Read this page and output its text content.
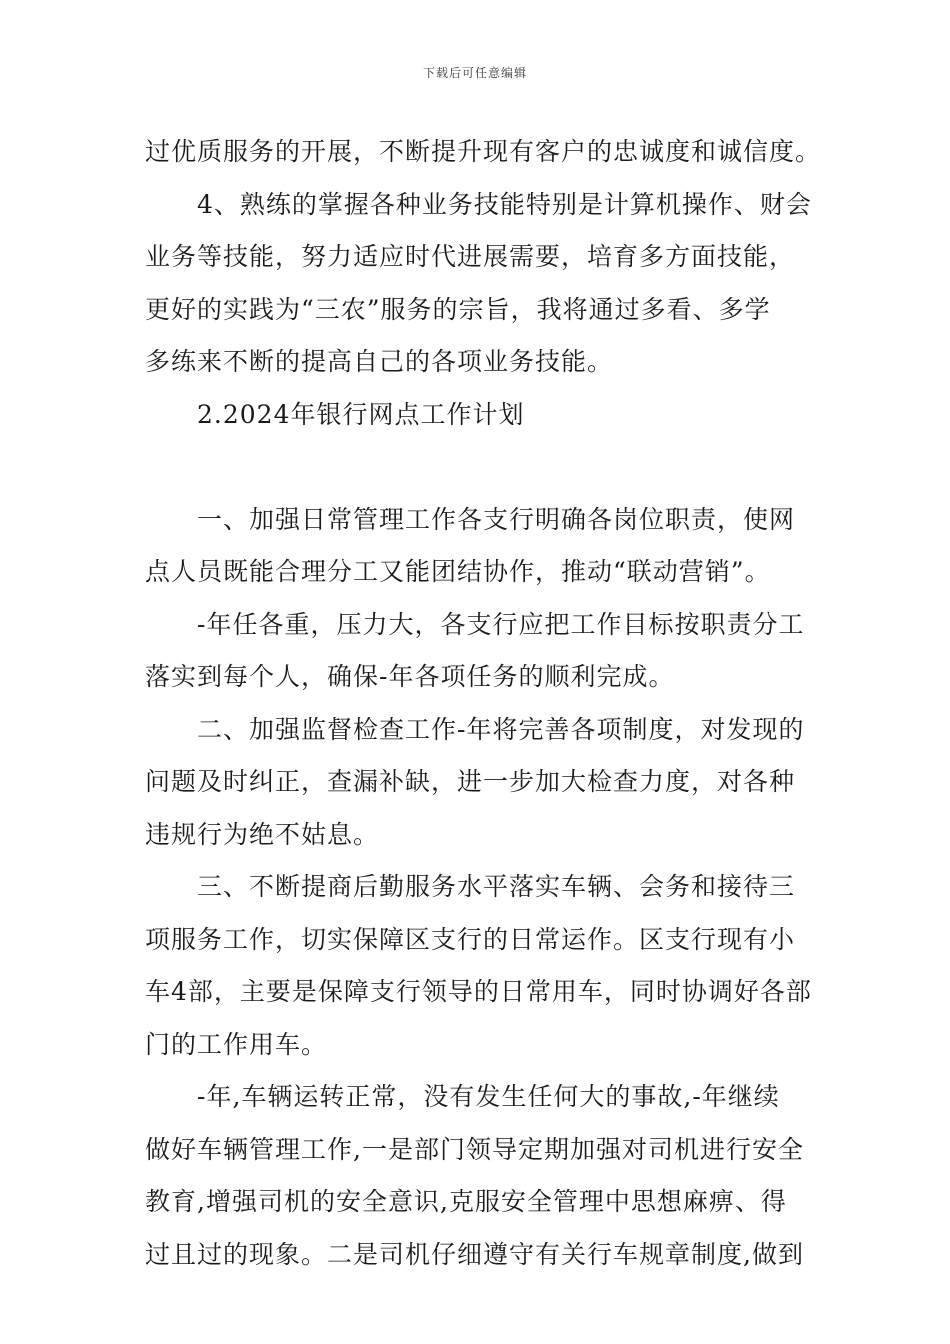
下载后可任意编辑
过优质服务的开展，不断提升现有客户的忠诚度和诚信度。
4、熟练的掌握各种业务技能特别是计算机操作、财会
业务等技能，努力适应时代进展需要，培育多方面技能，
更好的实践为“三农”服务的宗旨，我将通过多看、多学
多练来不断的提高自己的各项业务技能。
2.2024年银行网点工作计划
一、加强日常管理工作各支行明确各岗位职责，使网
点人员既能合理分工又能团结协作，推动“联动营销”。
-年任各重，压力大，各支行应把工作目标按职责分工
落实到每个人，确保-年各项任务的顺利完成。
二、加强监督检查工作-年将完善各项制度，对发现的
问题及时纠正，查漏补缺，进一步加大检查力度，对各种
违规行为绝不姑息。
三、不断提商后勤服务水平落实车辆、会务和接待三
项服务工作，切实保障区支行的日常运作。区支行现有小
车4部，主要是保障支行领导的日常用车，同时协调好各部
门的工作用车。
-年,车辆运转正常，没有发生任何大的事故,-年继续
做好车辆管理工作,一是部门领导定期加强对司机进行安全
教育,增强司机的安全意识,克服安全管理中思想麻痹、得
过且过的现象。二是司机仔细遵守有关行车规章制度,做到
